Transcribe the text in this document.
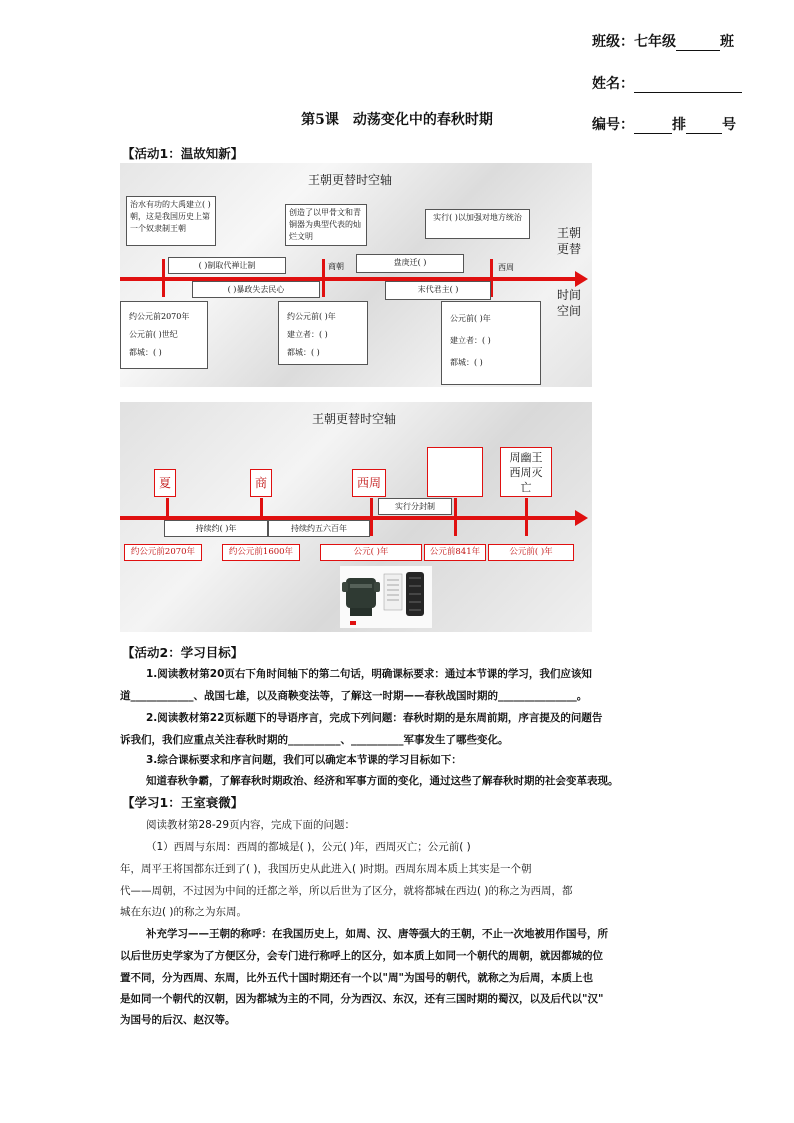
班级：七年级	班
姓名：
编号：	排	号
第5课　动荡变化中的春秋时期
【活动1：温故知新】
王朝更替时空轴
治水有功的大禹建立( )朝，这是我国历史上第一个奴隶制王朝
创造了以甲骨文和青铜器为典型代表的灿烂文明
实行( )以加强对地方统治
王朝更替
时间空间
( )制取代禅让制	商朝	盘庚迁( )
西周
( )暴政失去民心	末代君主( )
约公元前2070年
公元前( )世纪
都城：( )
约公元前( )年
建立者：( )
都城：( )
公元前( )年
建立者：( )
都城：( )
王朝更替时空轴
夏	商	西周
周幽王西周灭亡
实行分封制
持续约( )年	持续约五六百年
约公元前2070年	约公元前1600年	公元( )年	公元前841年	公元前( )年
【活动2：学习目标】
1.阅读教材第20页右下角时间轴下的第二句话，明确课标要求：通过本节课的学习，我们应该知
道____________、战国七雄，以及商鞅变法等，了解这一时期——春秋战国时期的_______________。
2.阅读教材第22页标题下的导语序言，完成下列问题：春秋时期的是东周前期，序言提及的问题告
诉我们，我们应重点关注春秋时期的__________、__________军事发生了哪些变化。
3.综合课标要求和序言问题，我们可以确定本节课的学习目标如下：
知道春秋争霸，了解春秋时期政治、经济和军事方面的变化，通过这些了解春秋时期的社会变革表现。
【学习1：王室衰微】
阅读教材第28-29页内容，完成下面的问题：
（1）西周与东周：西周的都城是( )，公元( )年，西周灭亡；公元前( )
年，周平王将国都东迁到了( )，我国历史从此进入( )时期。西周东周本质上其实是一个朝
代——周朝，不过因为中间的迁都之举，所以后世为了区分，就将都城在西边( )的称之为西周，都
城在东边( )的称之为东周。
补充学习——王朝的称呼：在我国历史上，如周、汉、唐等强大的王朝，不止一次地被用作国号，所
以后世历史学家为了方便区分，会专门进行称呼上的区分，如本质上如同一个朝代的周朝，就因都城的位
置不同，分为西周、东周，比外五代十国时期还有一个以"周"为国号的朝代，就称之为后周，本质上也
是如同一个朝代的汉朝，因为都城为主的不同，分为西汉、东汉，还有三国时期的蜀汉，以及后代以"汉"
为国号的后汉、赵汉等。
